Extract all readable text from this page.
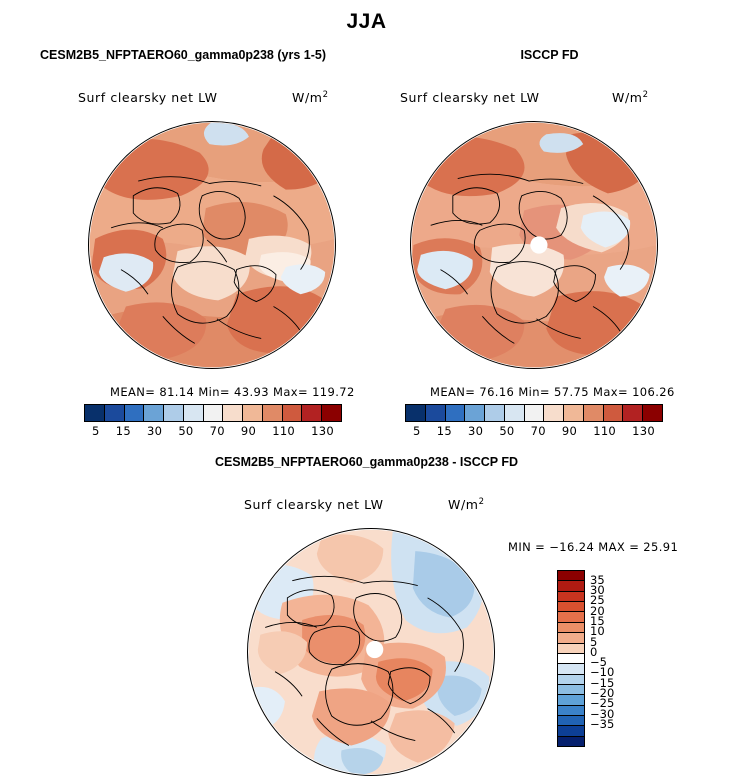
JJA
CESM2B5_NFPTAERO60_gamma0p238 (yrs 1-5)	ISCCP FD
CESM2B5_NFPTAERO60_gamma0p238 - ISCCP FD
Surf clearsky net LW	$W/m^2$	Surf clearsky net LW	$W/m^2$
Surf clearsky net LW	$W/m^2$
MEAN= 81.14 Min= 43.93 Max= 119.72	MEAN= 76.16 Min= 57.75 Max= 106.26
MIN = −16.24 MAX = 25.91
5	15	30	50	70	90	110	130	5	15	30	50	70	90	110	130
35
30
25
20
15
10
5
0
−5
−10
−15
−20
−25
−30
−35
